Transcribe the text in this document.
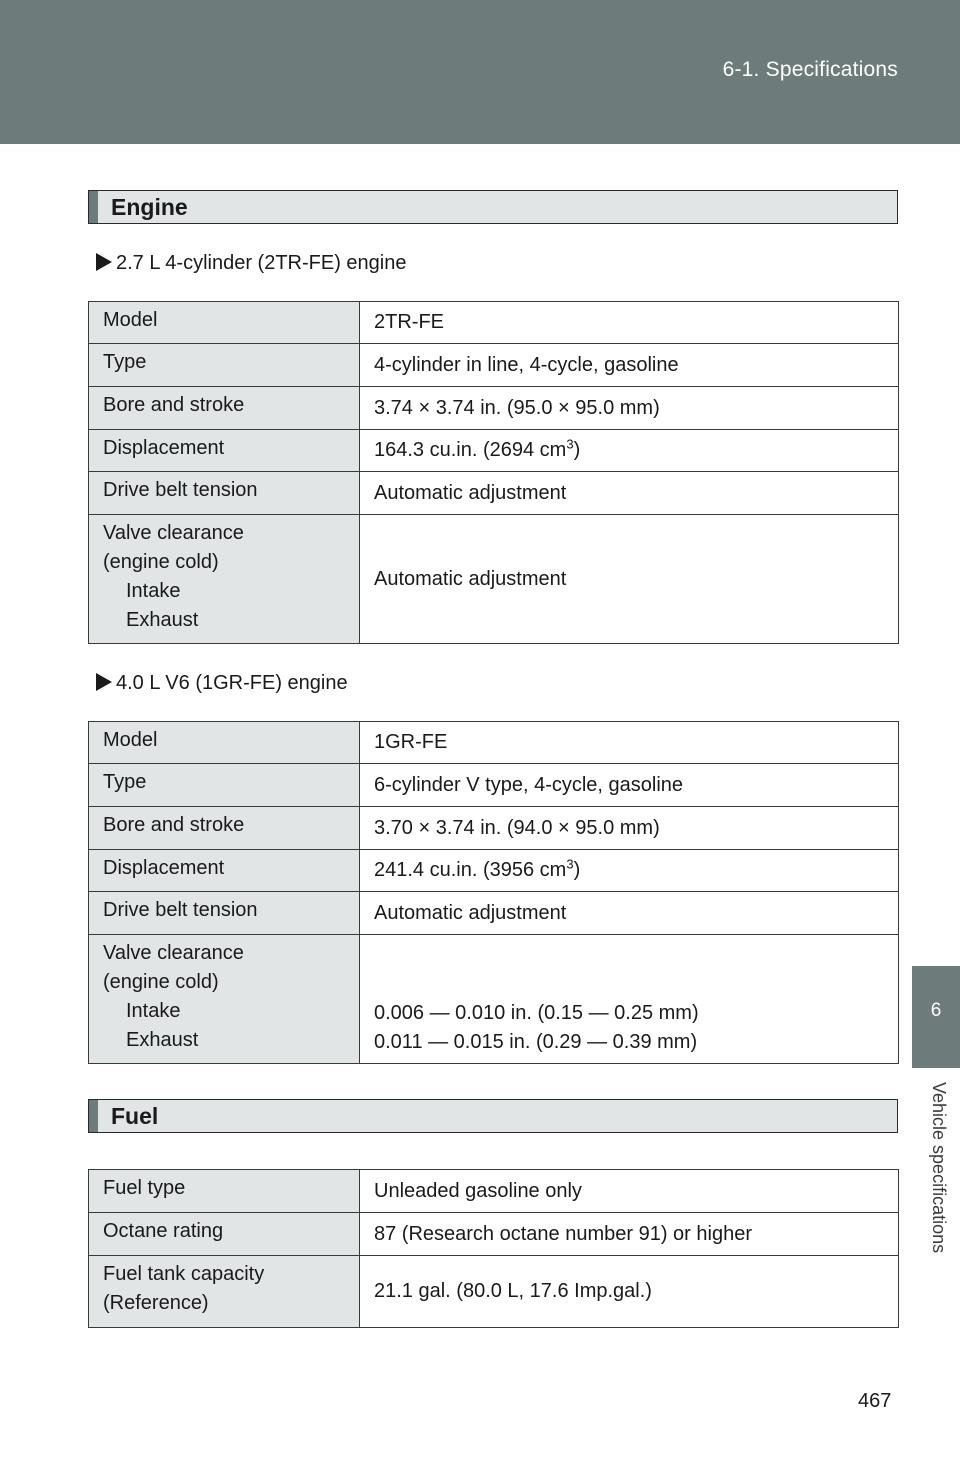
6-1. Specifications
6
Vehicle specifications
Engine
2.7 L 4-cylinder (2TR-FE) engine
Model	2TR-FE
Type	4-cylinder in line, 4-cycle, gasoline
Bore and stroke	3.74 × 3.74 in. (95.0 × 95.0 mm)
Displacement	164.3 cu.in. (2694 $cm^3$)
Drive belt tension	Automatic adjustment

Valve clearance
(engine cold)
Intake
Exhaust	Automatic adjustment
4.0 L V6 (1GR-FE) engine
Model	1GR-FE
Type	6-cylinder V type, 4-cycle, gasoline
Bore and stroke	3.70 × 3.74 in. (94.0 × 95.0 mm)
Displacement	241.4 cu.in. (3956 $cm^3$)
Drive belt tension	Automatic adjustment

Valve clearance
(engine cold)
Intake
Exhaust	0.006 — 0.010 in. (0.15 — 0.25 mm)
0.011 — 0.015 in. (0.29 — 0.39 mm)
Fuel
Fuel type	Unleaded gasoline only
Octane rating	87 (Research octane number 91) or higher

Fuel tank capacity
(Reference)	21.1 gal. (80.0 L, 17.6 Imp.gal.)
467
